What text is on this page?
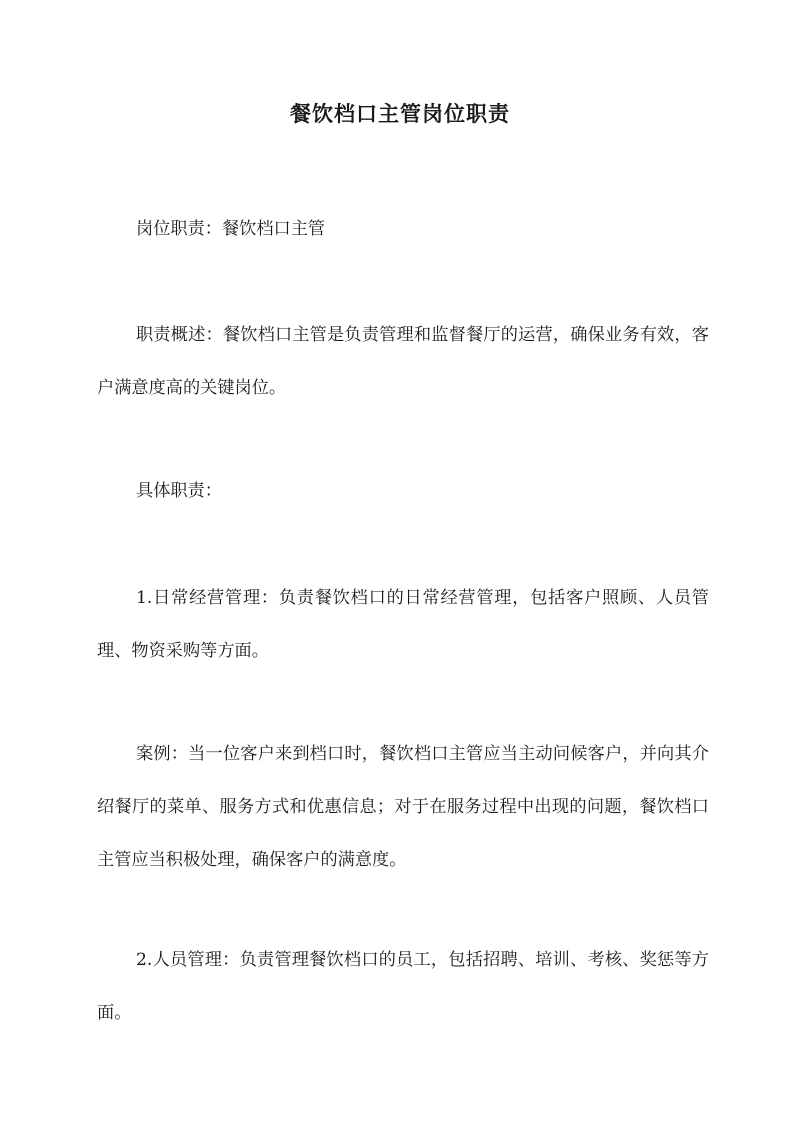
餐饮档口主管岗位职责

岗位职责：餐饮档口主管

职责概述：餐饮档口主管是负责管理和监督餐厅的运营，确保业务有效，客户满意度高的关键岗位。

具体职责：

1.日常经营管理：负责餐饮档口的日常经营管理，包括客户照顾、人员管理、物资采购等方面。

案例：当一位客户来到档口时，餐饮档口主管应当主动问候客户，并向其介绍餐厅的菜单、服务方式和优惠信息；对于在服务过程中出现的问题，餐饮档口主管应当积极处理，确保客户的满意度。

2.人员管理：负责管理餐饮档口的员工，包括招聘、培训、考核、奖惩等方面。
